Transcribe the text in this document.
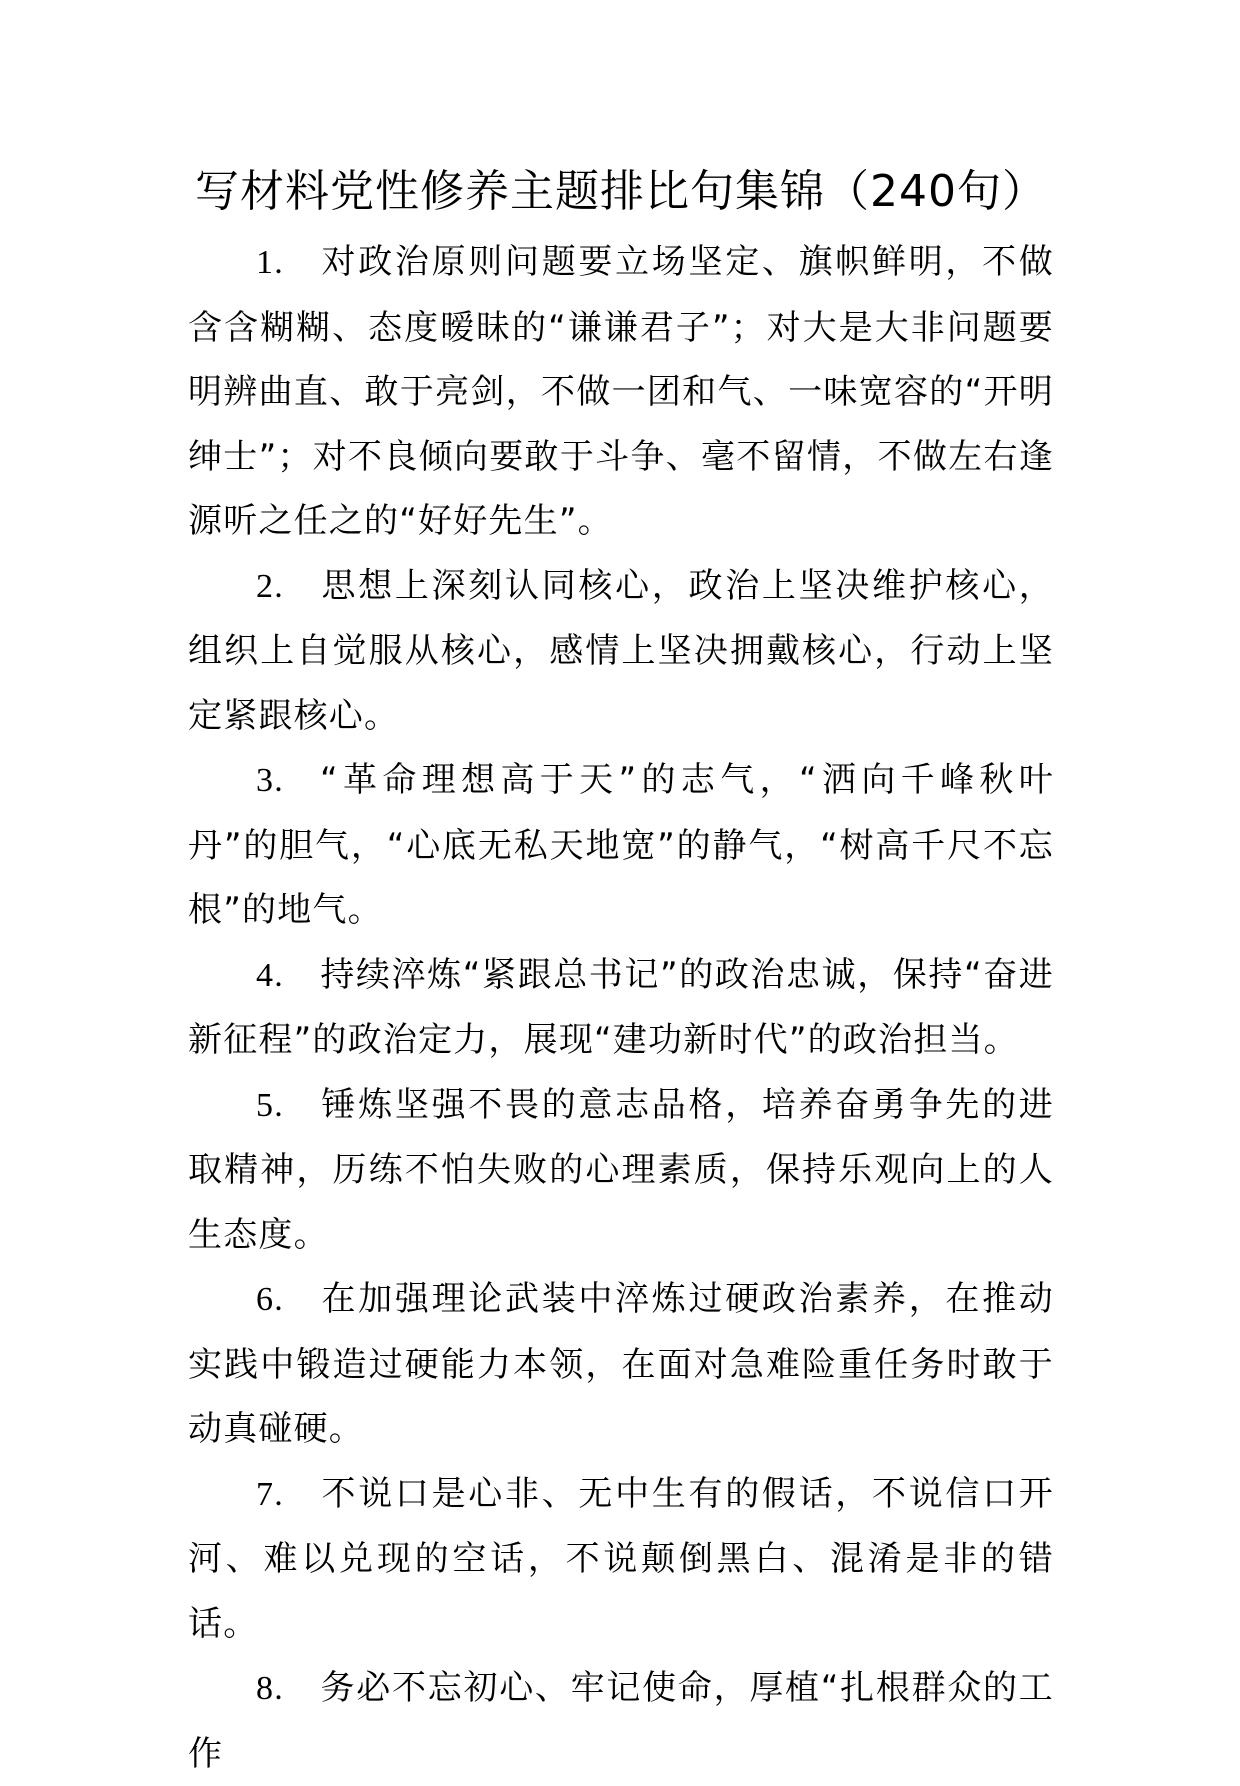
写材料党性修养主题排比句集锦（240句）

1. 对政治原则问题要立场坚定、旗帜鲜明，不做含含糊糊、态度暧昧的“谦谦君子”；对大是大非问题要明辨曲直、敢于亮剑，不做一团和气、一味宽容的“开明绅士”；对不良倾向要敢于斗争、毫不留情，不做左右逢源听之任之的“好好先生”。

2. 思想上深刻认同核心，政治上坚决维护核心，组织上自觉服从核心，感情上坚决拥戴核心，行动上坚定紧跟核心。

3. “革命理想高于天”的志气，“洒向千峰秋叶丹”的胆气，“心底无私天地宽”的静气，“树高千尺不忘根”的地气。

4. 持续淬炼“紧跟总书记”的政治忠诚，保持“奋进新征程”的政治定力，展现“建功新时代”的政治担当。

5. 锤炼坚强不畏的意志品格，培养奋勇争先的进取精神，历练不怕失败的心理素质，保持乐观向上的人生态度。

6. 在加强理论武装中淬炼过硬政治素养，在推动实践中锻造过硬能力本领，在面对急难险重任务时敢于动真碰硬。

7. 不说口是心非、无中生有的假话，不说信口开河、难以兑现的空话，不说颠倒黑白、混淆是非的错话。

8. 务必不忘初心、牢记使命，厚植“扎根群众的工作
